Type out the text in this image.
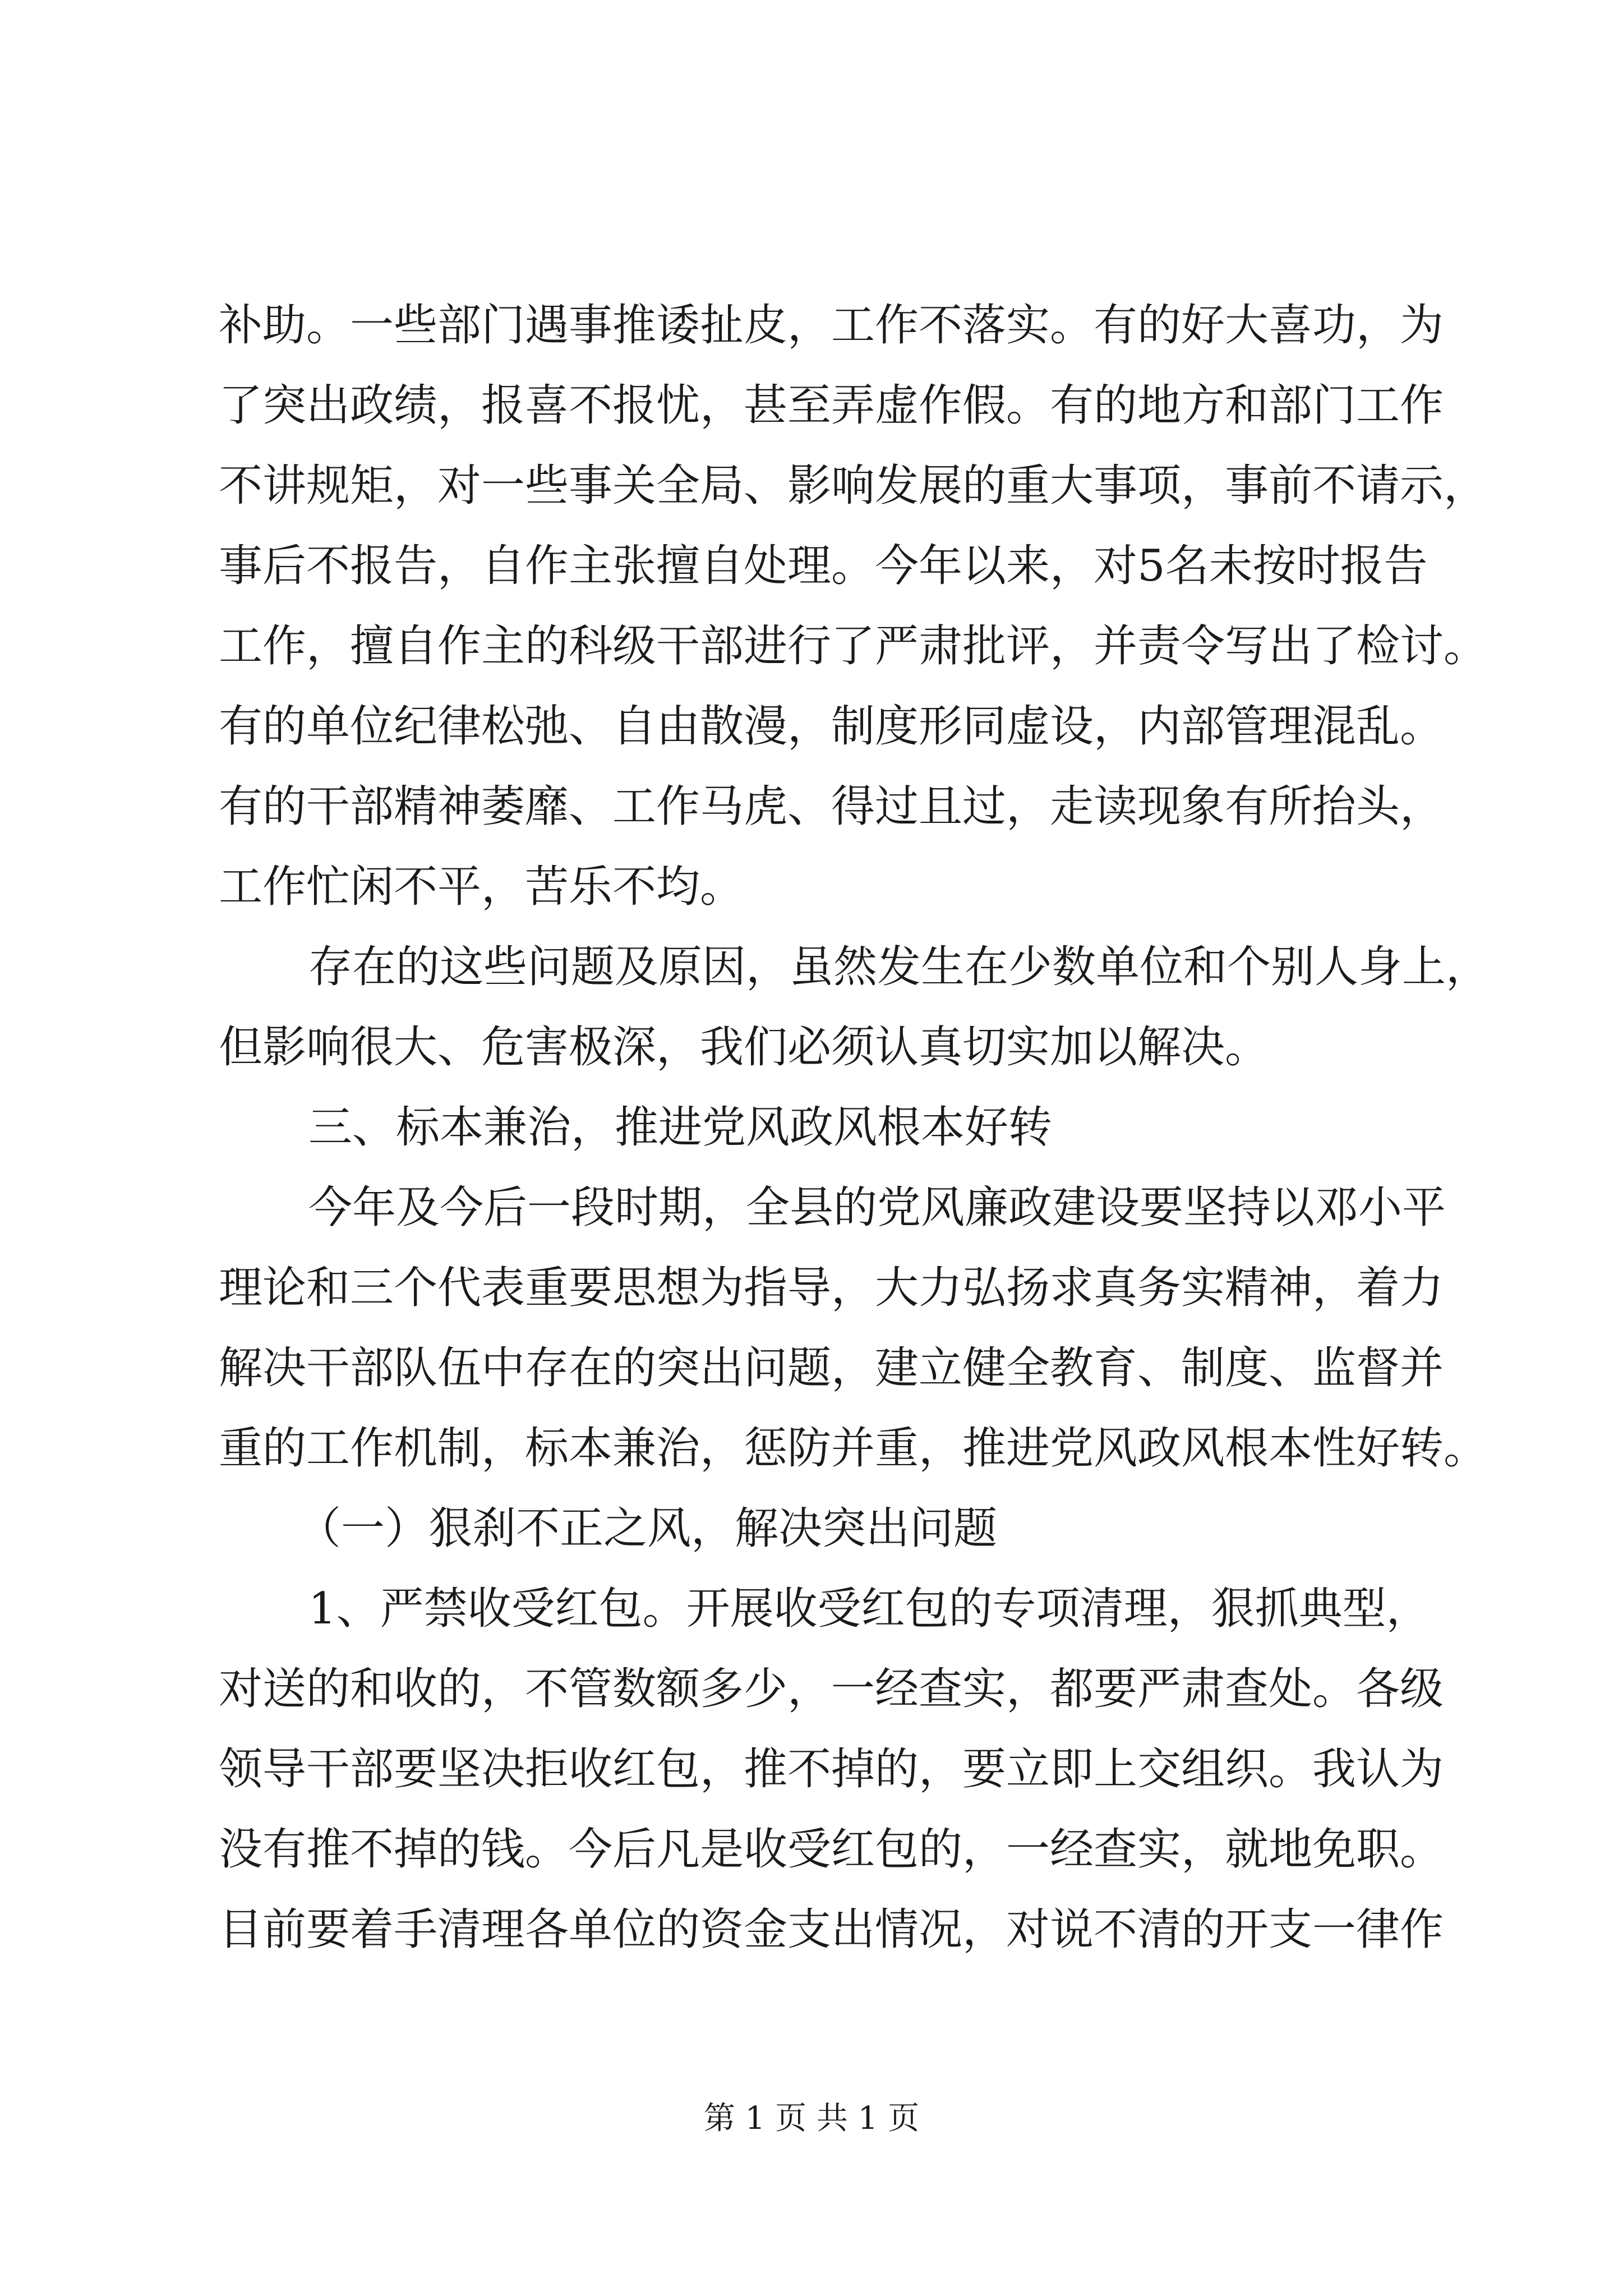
补助。一些部门遇事推诿扯皮，工作不落实。有的好大喜功，为
了突出政绩，报喜不报忧，甚至弄虚作假。有的地方和部门工作
不讲规矩，对一些事关全局、影响发展的重大事项，事前不请示，
事后不报告，自作主张擅自处理。今年以来，对5名未按时报告
工作，擅自作主的科级干部进行了严肃批评，并责令写出了检讨。
有的单位纪律松弛、自由散漫，制度形同虚设，内部管理混乱。
有的干部精神萎靡、工作马虎、得过且过，走读现象有所抬头，
工作忙闲不平，苦乐不均。
存在的这些问题及原因，虽然发生在少数单位和个别人身上，
但影响很大、危害极深，我们必须认真切实加以解决。
三、标本兼治，推进党风政风根本好转
今年及今后一段时期，全县的党风廉政建设要坚持以邓小平
理论和三个代表重要思想为指导，大力弘扬求真务实精神，着力
解决干部队伍中存在的突出问题，建立健全教育、制度、监督并
重的工作机制，标本兼治，惩防并重，推进党风政风根本性好转。
（一）狠刹不正之风，解决突出问题
1、严禁收受红包。开展收受红包的专项清理，狠抓典型，
对送的和收的，不管数额多少，一经查实，都要严肃查处。各级
领导干部要坚决拒收红包，推不掉的，要立即上交组织。我认为
没有推不掉的钱。今后凡是收受红包的，一经查实，就地免职。
目前要着手清理各单位的资金支出情况，对说不清的开支一律作
第 1 页 共 1 页
